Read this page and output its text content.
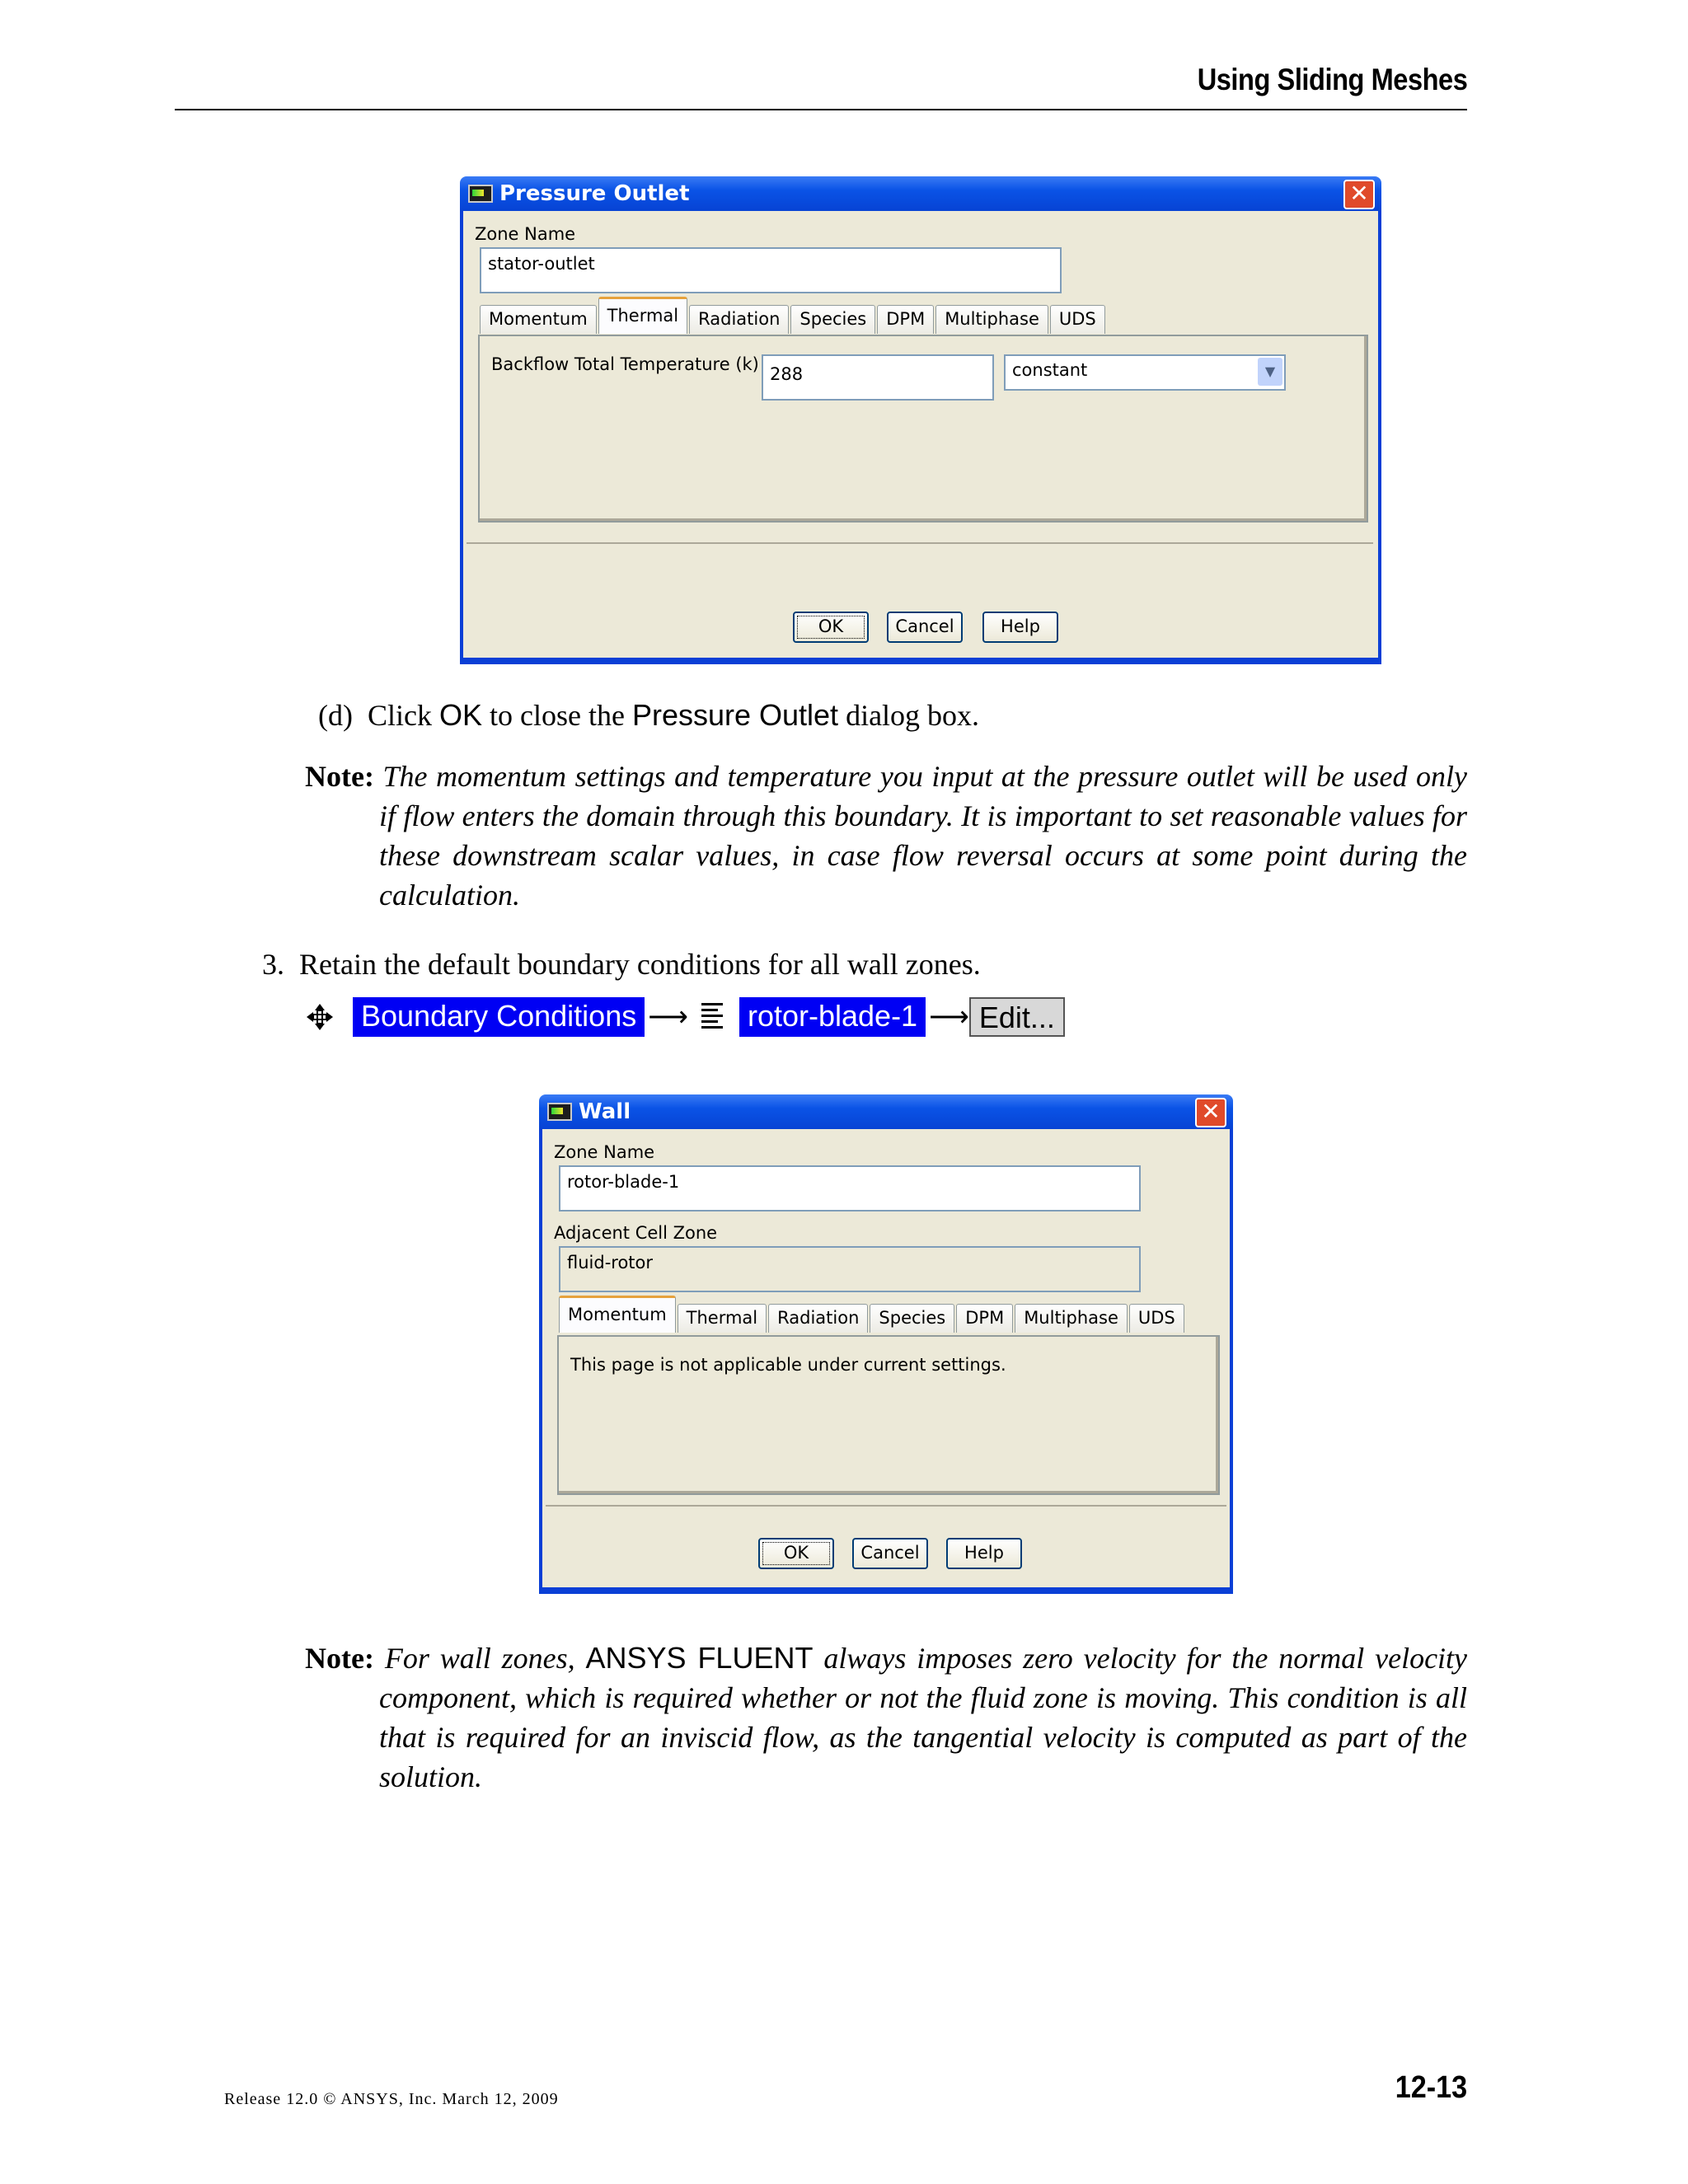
Using Sliding Meshes
Pressure Outlet	✕
Zone Name
stator-outlet
Momentum	Thermal	Radiation	Species	DPM	Multiphase	UDS
Backflow Total Temperature (k) 288	constant	▼
OK	Cancel	Help
(d) Click OK to close the Pressure Outlet dialog box.
Note: The momentum settings and temperature you input at the pressure outlet will be used only if flow enters the domain through this boundary. It is important to set reasonable values for these downstream scalar values, in case flow reversal occurs at some point during the calculation.
3. Retain the default boundary conditions for all wall zones.
Boundary Conditions ⟶ rotor-blade-1 ⟶ Edit...
Wall	✕
Zone Name
rotor-blade-1
Adjacent Cell Zone
fluid-rotor
Momentum	Thermal	Radiation	Species	DPM	Multiphase	UDS
This page is not applicable under current settings.
OK	Cancel	Help
Note: For wall zones, ANSYS FLUENT always imposes zero velocity for the normal velocity component, which is required whether or not the fluid zone is moving. This condition is all that is required for an inviscid flow, as the tangential velocity is computed as part of the solution.
Release 12.0 © ANSYS, Inc. March 12, 2009	12-13
